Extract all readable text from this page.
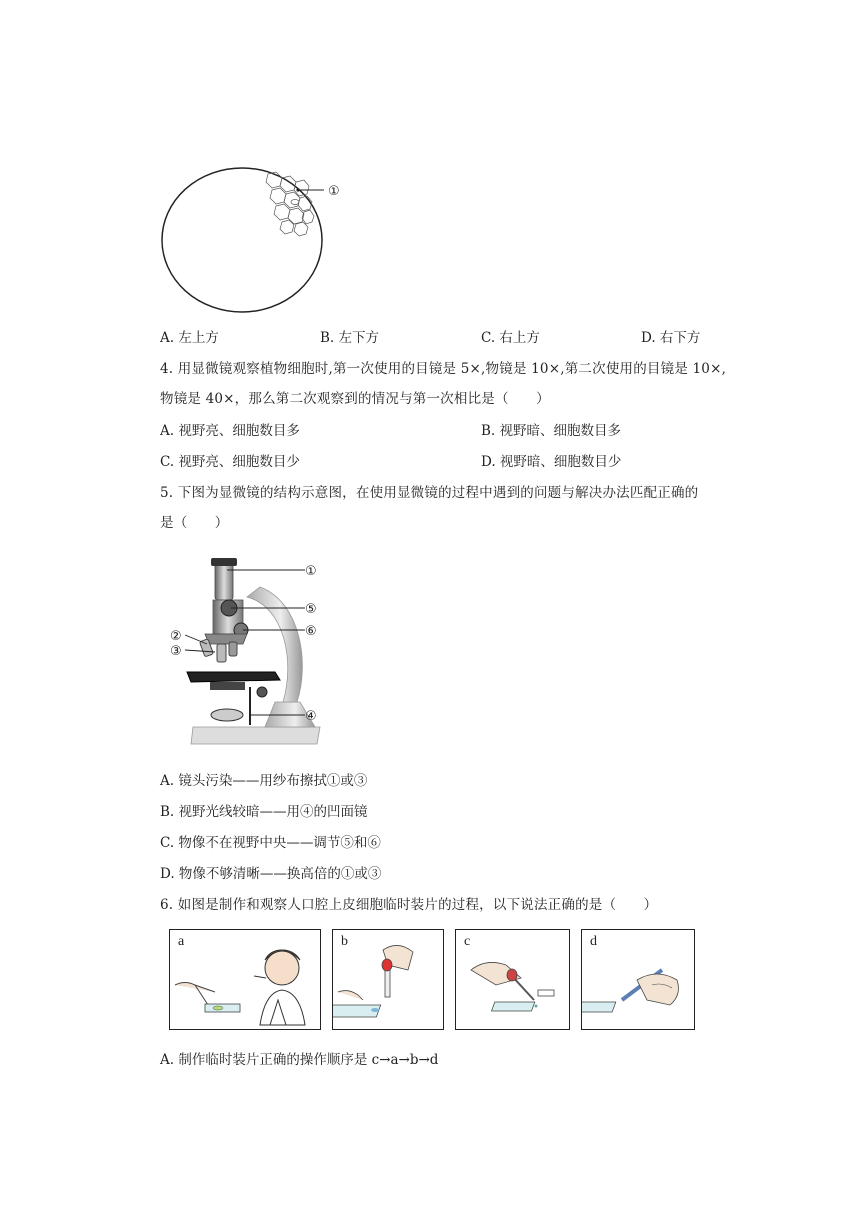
①
A. 左上方	B. 左下方	C. 右上方	D. 右下方
4. 用显微镜观察植物细胞时,第一次使用的目镜是 5×,物镜是 10×,第二次使用的目镜是 10×,
物镜是 40×，那么第二次观察到的情况与第一次相比是（　　）
A. 视野亮、细胞数目多	B. 视野暗、细胞数目多
C. 视野亮、细胞数目少	D. 视野暗、细胞数目少
5. 下图为显微镜的结构示意图，在使用显微镜的过程中遇到的问题与解决办法匹配正确的
是（　　）
①
⑤
⑥
②
③
④
A. 镜头污染——用纱布擦拭①或③
B. 视野光线较暗——用④的凹面镜
C. 物像不在视野中央——调节⑤和⑥
D. 物像不够清晰——换高倍的①或③
6. 如图是制作和观察人口腔上皮细胞临时装片的过程，以下说法正确的是（　　）
a	b	c	d
A. 制作临时装片正确的操作顺序是 c→a→b→d
